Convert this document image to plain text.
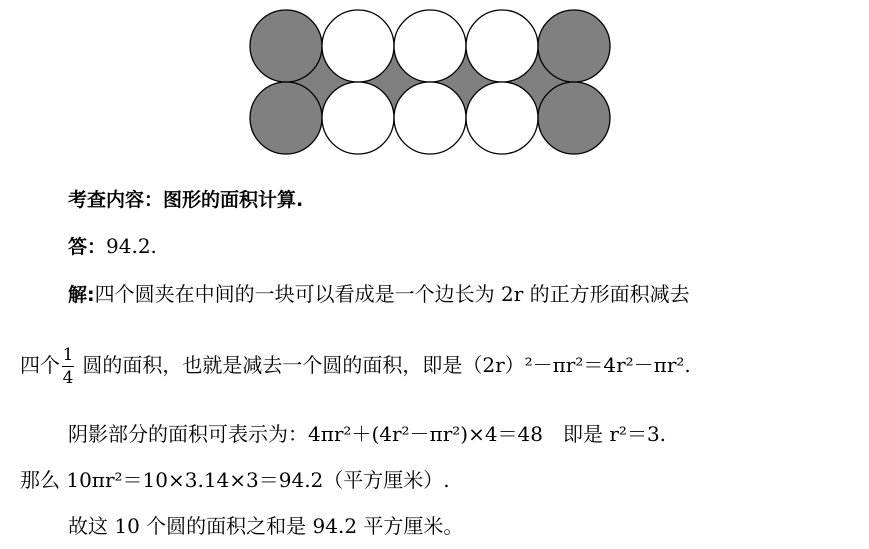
考查内容：图形的面积计算.
答：94.2.
解:四个圆夹在中间的一块可以看成是一个边长为 2r 的正方形面积减去
四个 $\frac{1}{4}$ 圆的面积，也就是减去一个圆的面积，即是（2r）²－πr²＝4r²－πr².
阴影部分的面积可表示为：4πr²＋(4r²－πr²)×4＝48　即是 r²＝3.
那么 10πr²＝10×3.14×3＝94.2（平方厘米）.
故这 10 个圆的面积之和是 94.2 平方厘米。
